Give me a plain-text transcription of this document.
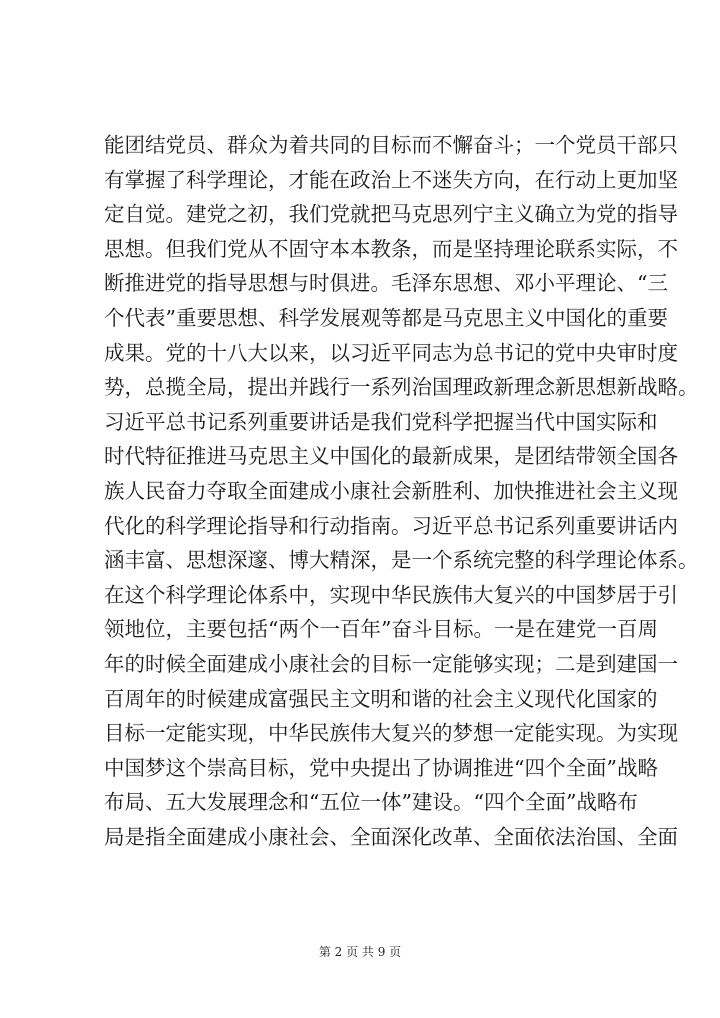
能团结党员、群众为着共同的目标而不懈奋斗；一个党员干部只
有掌握了科学理论，才能在政治上不迷失方向，在行动上更加坚
定自觉。建党之初，我们党就把马克思列宁主义确立为党的指导
思想。但我们党从不固守本本教条，而是坚持理论联系实际，不
断推进党的指导思想与时俱进。毛泽东思想、邓小平理论、“三
个代表”重要思想、科学发展观等都是马克思主义中国化的重要
成果。党的十八大以来，以习近平同志为总书记的党中央审时度
势，总揽全局，提出并践行一系列治国理政新理念新思想新战略。
习近平总书记系列重要讲话是我们党科学把握当代中国实际和
时代特征推进马克思主义中国化的最新成果，是团结带领全国各
族人民奋力夺取全面建成小康社会新胜利、加快推进社会主义现
代化的科学理论指导和行动指南。习近平总书记系列重要讲话内
涵丰富、思想深邃、博大精深，是一个系统完整的科学理论体系。
在这个科学理论体系中，实现中华民族伟大复兴的中国梦居于引
领地位，主要包括“两个一百年”奋斗目标。一是在建党一百周
年的时候全面建成小康社会的目标一定能够实现；二是到建国一
百周年的时候建成富强民主文明和谐的社会主义现代化国家的
目标一定能实现，中华民族伟大复兴的梦想一定能实现。为实现
中国梦这个崇高目标，党中央提出了协调推进“四个全面”战略
布局、五大发展理念和“五位一体”建设。“四个全面”战略布
局是指全面建成小康社会、全面深化改革、全面依法治国、全面
第 2 页 共 9 页
